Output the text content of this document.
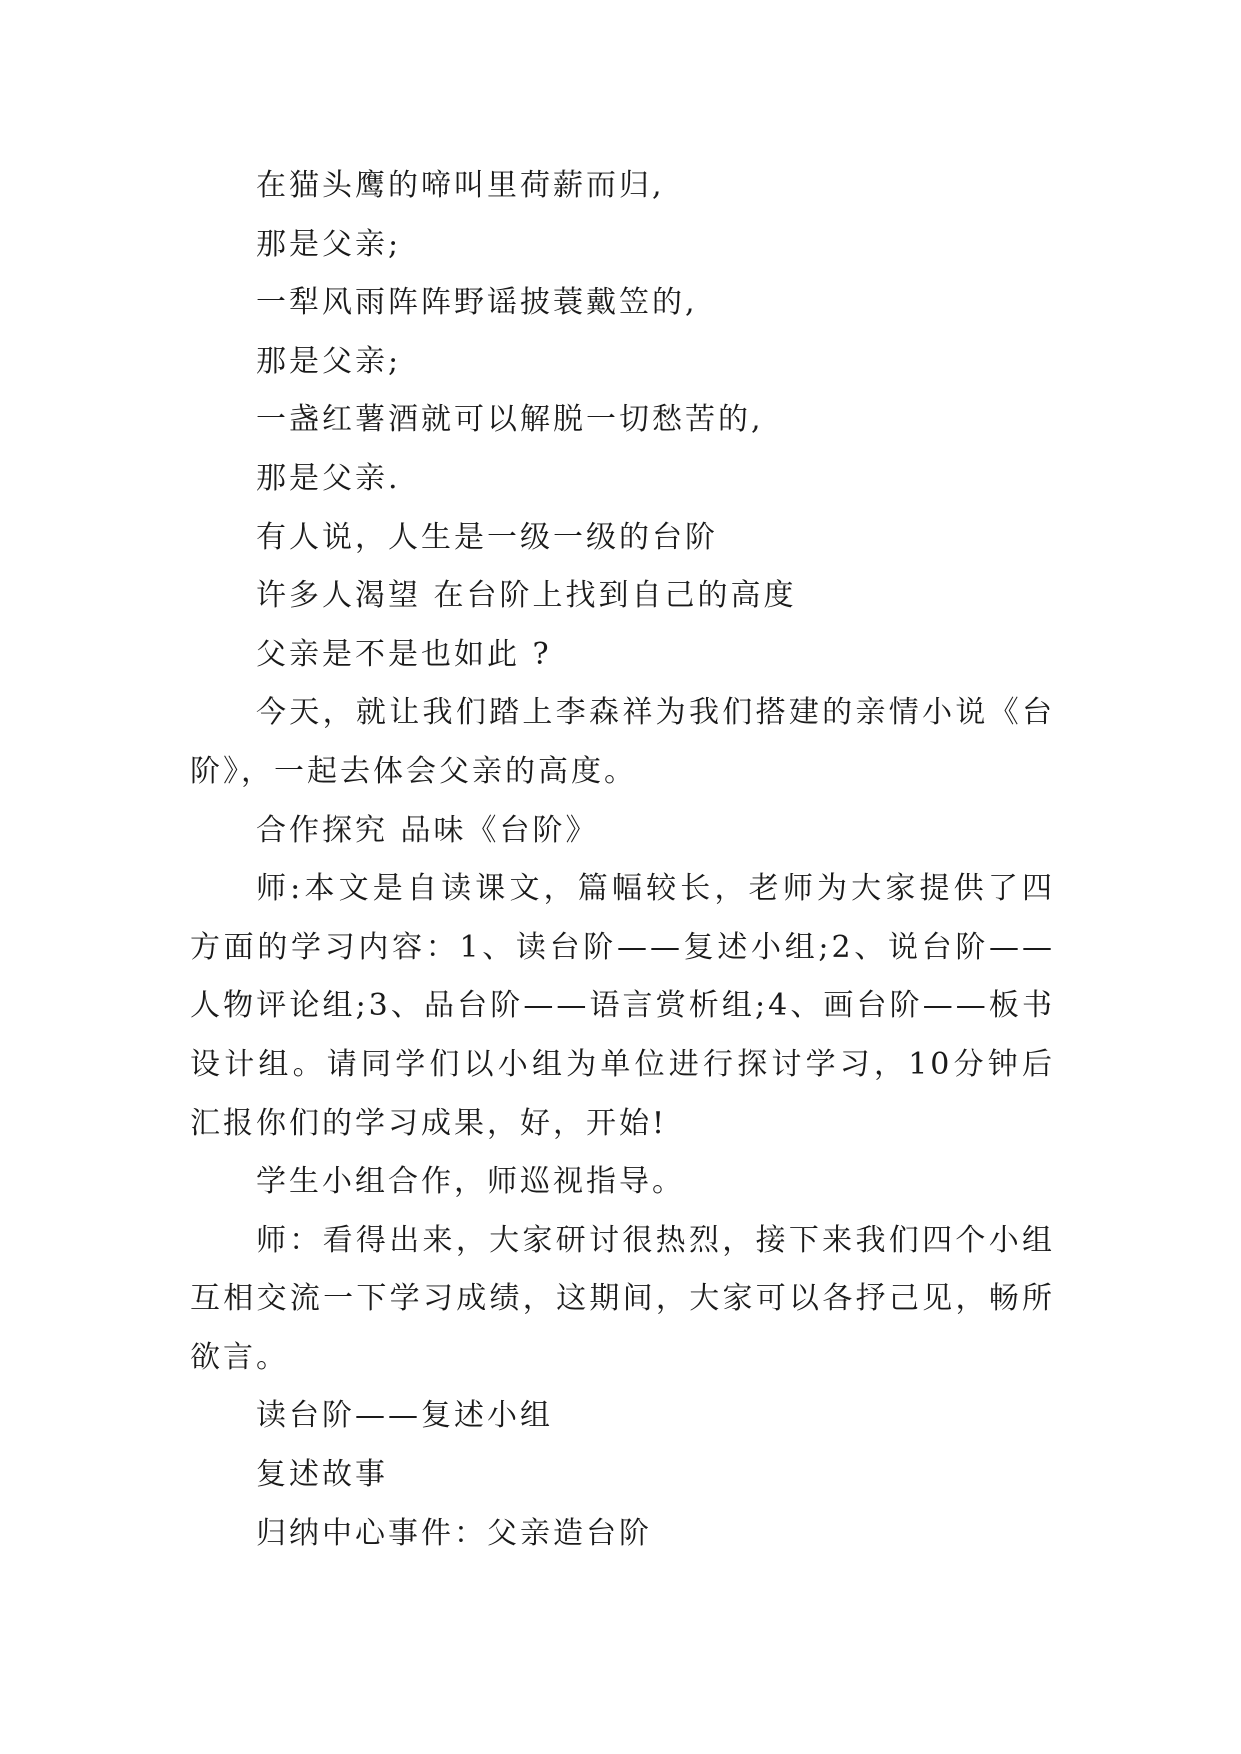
在猫头鹰的啼叫里荷薪而归,

那是父亲;

一犁风雨阵阵野谣披蓑戴笠的,

那是父亲;

一盏红薯酒就可以解脱一切愁苦的,

那是父亲.

有人说，人生是一级一级的台阶

许多人渴望 在台阶上找到自己的高度

父亲是不是也如此 ?

今天，就让我们踏上李森祥为我们搭建的亲情小说《台阶》，一起去体会父亲的高度。

合作探究 品味《台阶》

师:本文是自读课文，篇幅较长，老师为大家提供了四方面的学习内容：1、读台阶——复述小组;2、说台阶——人物评论组;3、品台阶——语言赏析组;4、画台阶——板书设计组。请同学们以小组为单位进行探讨学习，10分钟后汇报你们的学习成果，好，开始!

学生小组合作，师巡视指导。

师：看得出来，大家研讨很热烈，接下来我们四个小组互相交流一下学习成绩，这期间，大家可以各抒己见，畅所欲言。

读台阶——复述小组

复述故事

归纳中心事件：父亲造台阶
